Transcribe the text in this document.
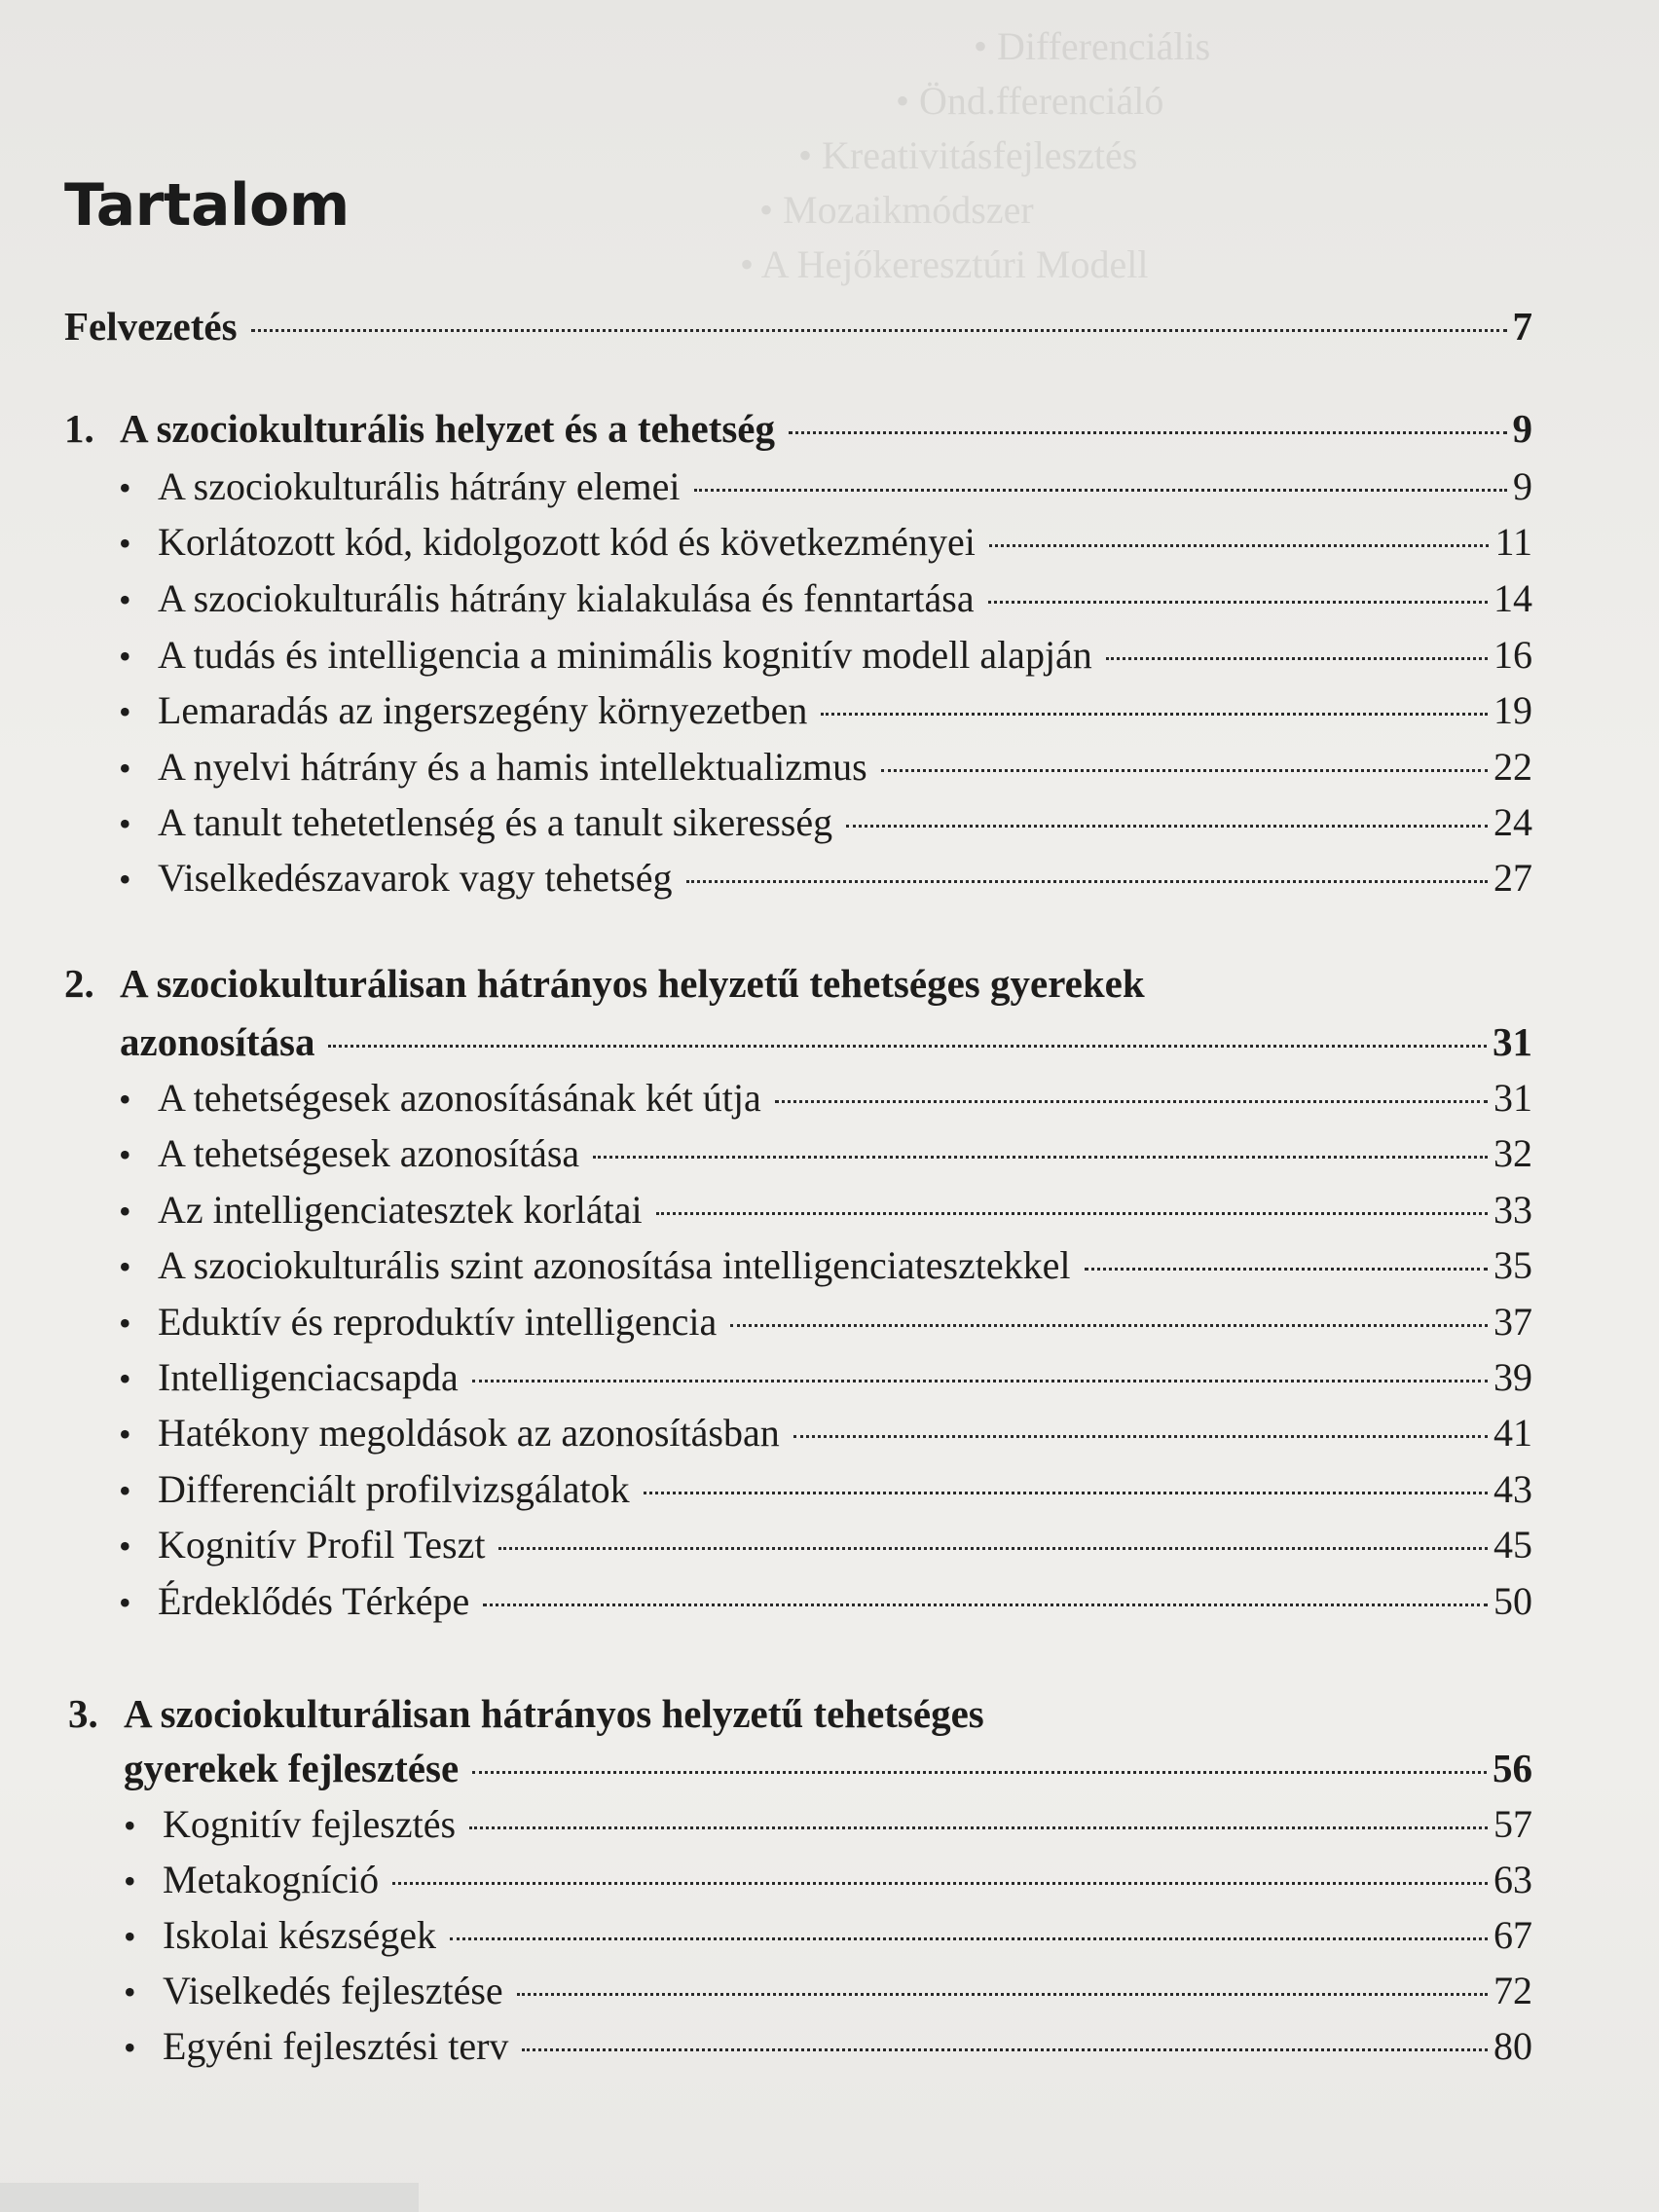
• Differenciális
• Önd.fferenciáló
• Kreativitásfejlesztés
• Mozaikmódszer
• A Hejőkeresztúri Modell
Tartalom
Felvezetés	7
1. A szociokulturális helyzet és a tehetség	9
• A szociokulturális hátrány elemei	9
• Korlátozott kód, kidolgozott kód és következményei	11
• A szociokulturális hátrány kialakulása és fenntartása	14
• A tudás és intelligencia a minimális kognitív modell alapján	16
• Lemaradás az ingerszegény környezetben	19
• A nyelvi hátrány és a hamis intellektualizmus	22
• A tanult tehetetlenség és a tanult sikeresség	24
• Viselkedészavarok vagy tehetség	27
2. A szociokulturálisan hátrányos helyzetű tehetséges gyerekek
azonosítása	31
• A tehetségesek azonosításának két útja	31
• A tehetségesek azonosítása	32
• Az intelligenciatesztek korlátai	33
• A szociokulturális szint azonosítása intelligenciatesztekkel	35
• Eduktív és reproduktív intelligencia	37
• Intelligenciacsapda	39
• Hatékony megoldások az azonosításban	41
• Differenciált profilvizsgálatok	43
• Kognitív Profil Teszt	45
• Érdeklődés Térképe	50
3. A szociokulturálisan hátrányos helyzetű tehetséges
gyerekek fejlesztése	56
• Kognitív fejlesztés	57
• Metakogníció	63
• Iskolai készségek	67
• Viselkedés fejlesztése	72
• Egyéni fejlesztési terv	80
